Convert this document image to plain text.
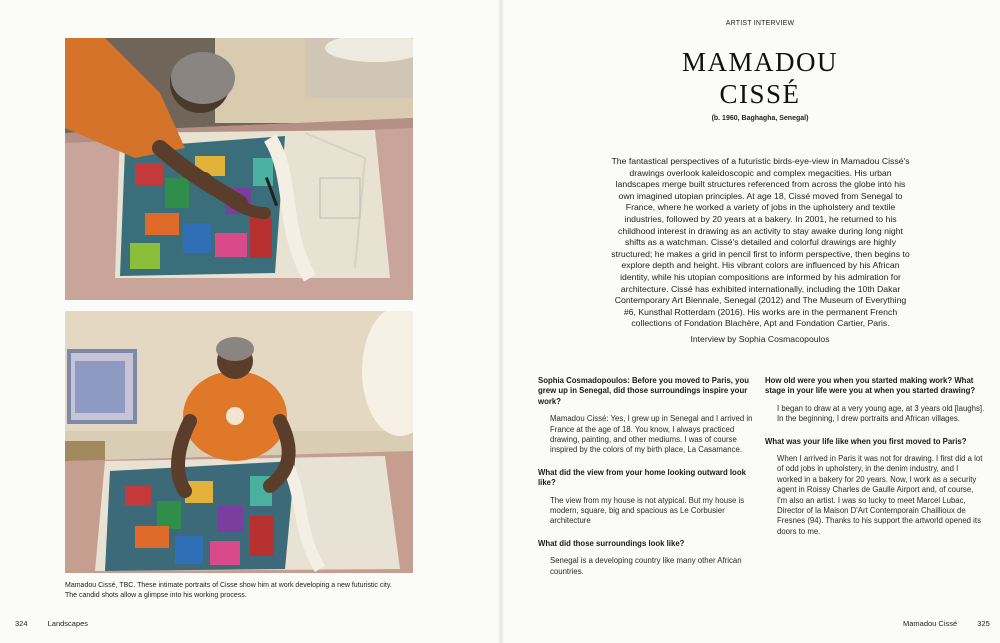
Mamadou Cissé, TBC. These intimate portraits of Cisse show him at work developing a new futuristic city. The candid shots allow a glimpse into his working process.
324	Landscapes
ARTIST INTERVIEW
MAMADOU
CISSÉ
(b. 1960, Baghagha, Senegal)
The fantastical perspectives of a futuristic birds-eye-view in Mamadou Cissé's drawings overlook kaleidoscopic and complex megacities. His urban landscapes merge built structures referenced from across the globe into his own imagined utopian principles. At age 18, Cissé moved from Senegal to France, where he worked a variety of jobs in the upholstery and textile industries, followed by 20 years at a bakery. In 2001, he returned to his childhood interest in drawing as an activity to stay awake during long night shifts as a watchman. Cissé's detailed and colorful drawings are highly structured; he makes a grid in pencil first to inform perspective, then begins to explore depth and height. His vibrant colors are influenced by his African identity, while his utopian compositions are informed by his admiration for architecture. Cissé has exhibited internationally, including the 10th Dakar Contemporary Art Biennale, Senegal (2012) and The Museum of Everything #6, Kunsthal Rotterdam (2016). His works are in the permanent French collections of Fondation Blachère, Apt and Fondation Cartier, Paris.
Interview by Sophia Cosmacopoulos

Sophia Cosmadopoulos: Before you moved to Paris, you grew up in Senegal, did those surroundings inspire your work?

Mamadou Cissé: Yes, I grew up in Senegal and I arrived in France at the age of 18. You know, I always practiced drawing, painting, and other mediums. I was of course inspired by the colors of my birth place, La Casamance.

What did the view from your home looking outward look like?

The view from my house is not atypical. But my house is modern, square, big and spacious as Le Corbusier architecture

What did those surroundings look like?

Senegal is a developing country like many other African countries.

How old were you when you started making work? What stage in your life were you at when you started drawing?

I began to draw at a very young age, at 3 years old [laughs]. In the beginning, I drew portraits and African villages.

What was your life like when you first moved to Paris?

When I arrived in Paris it was not for drawing. I first did a lot of odd jobs in upholstery, in the denim industry, and I worked in a bakery for 20 years. Now, I work as a security agent in Roissy Charles de Gaulle Airport and, of course, I'm also an artist. I was so lucky to meet Marcel Lubac, Director of la Maison D'Art Contemporain Chaillioux de Fresnes (94). Thanks to his support the artworld opened its doors to me.

Mamadou Cissé	325
